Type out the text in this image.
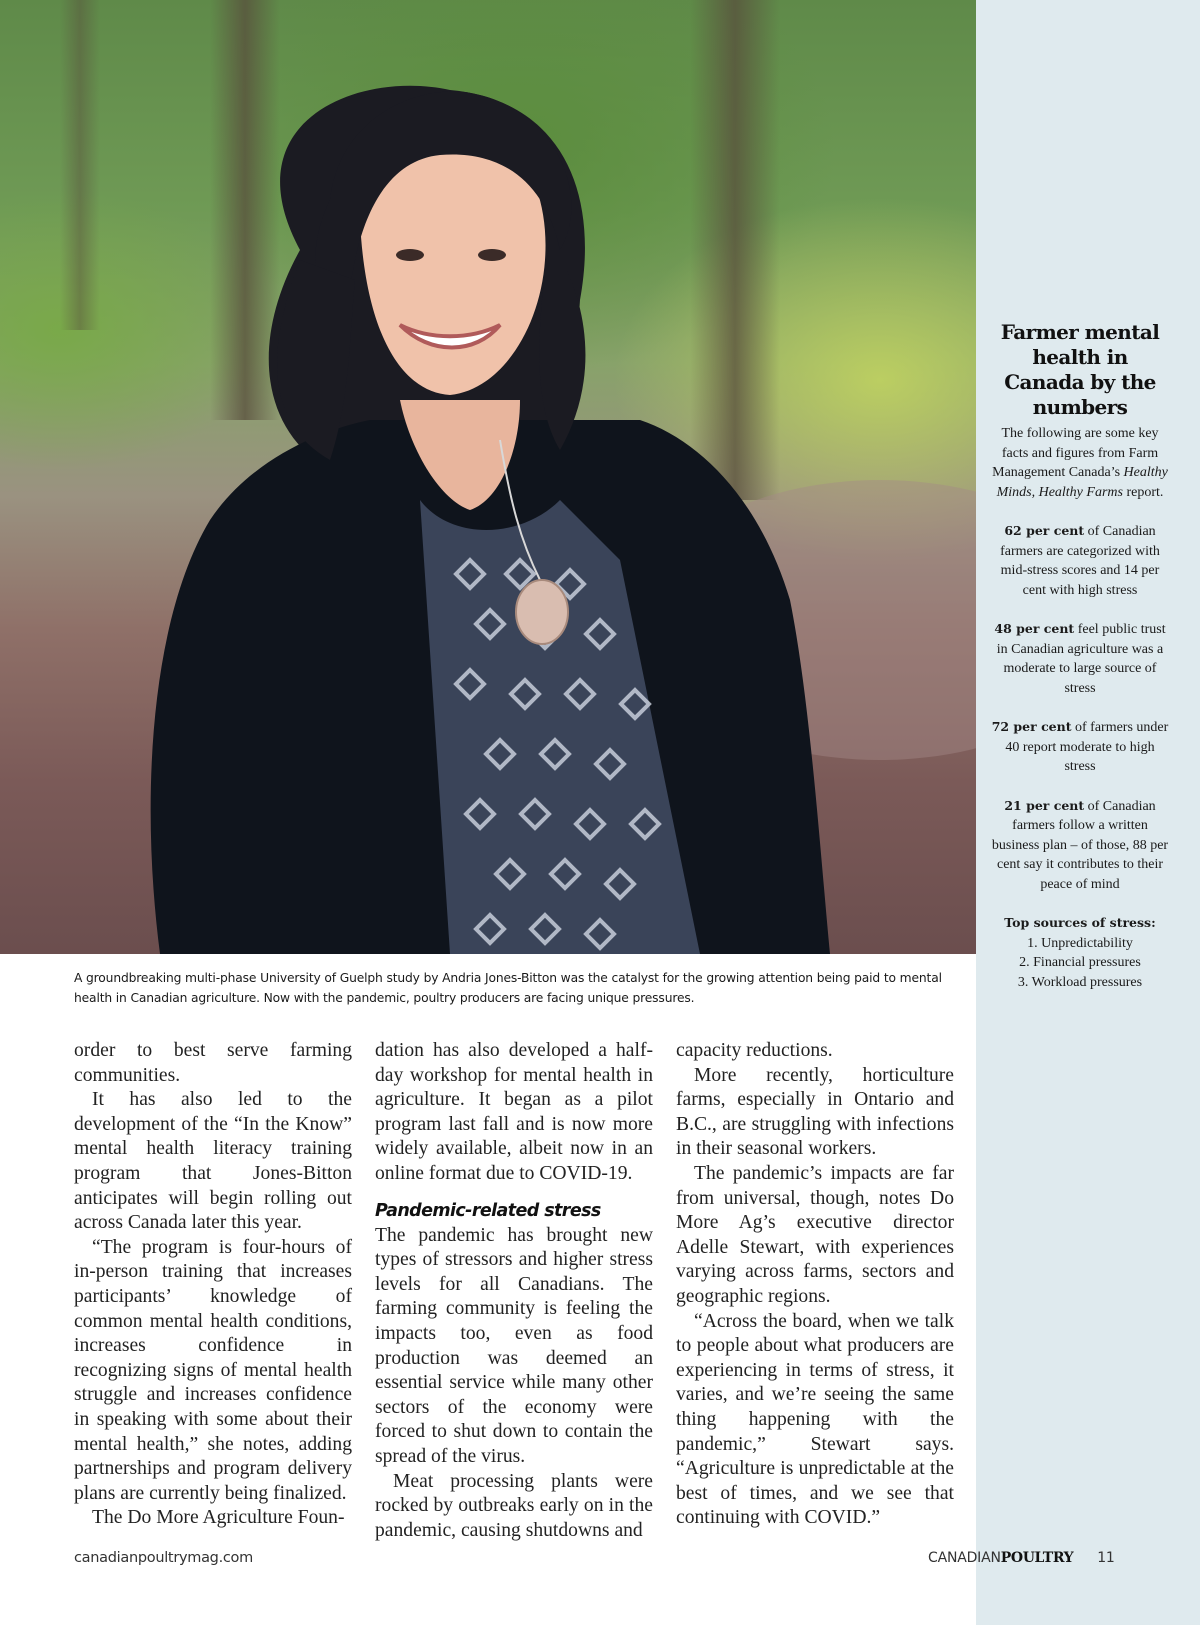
Farmer mental health in Canada by the numbers

The following are some key facts and figures from Farm Management Canada’s Healthy Minds, Healthy Farms report.

62 per cent of Canadian farmers are categorized with mid-stress scores and 14 per cent with high stress

48 per cent feel public trust in Canadian agriculture was a moderate to large source of stress

72 per cent of farmers under 40 report moderate to high stress

21 per cent of Canadian farmers follow a written business plan – of those, 88 per cent say it contributes to their peace of mind

Top sources of stress:

1. Unpredictability

2. Financial pressures

3. Workload pressures

A groundbreaking multi-phase University of Guelph study by Andria Jones-Bitton was the catalyst for the growing attention being paid to mental health in Canadian agriculture. Now with the pandemic, poultry producers are facing unique pressures.

order to best serve farming communities.

It has also led to the development of the “In the Know” mental health literacy training program that Jones-Bitton anticipates will begin rolling out across Canada later this year.

“The program is four-hours of in-person training that increases participants’ knowledge of common mental health conditions, increases confidence in recognizing signs of mental health struggle and increases confidence in speaking with some about their mental health,” she notes, adding partnerships and program delivery plans are currently being finalized.

The Do More Agriculture Foun-

dation has also developed a half-day workshop for mental health in agriculture. It began as a pilot program last fall and is now more widely available, albeit now in an online format due to COVID-19.

Pandemic-related stress

The pandemic has brought new types of stressors and higher stress levels for all Canadians. The farming community is feeling the impacts too, even as food production was deemed an essential service while many other sectors of the economy were forced to shut down to contain the spread of the virus.

Meat processing plants were rocked by outbreaks early on in the pandemic, causing shutdowns and

capacity reductions.

More recently, horticulture farms, especially in Ontario and B.C., are struggling with infections in their seasonal workers.

The pandemic’s impacts are far from universal, though, notes Do More Ag’s executive director Adelle Stewart, with experiences varying across farms, sectors and geographic regions.

“Across the board, when we talk to people about what producers are experiencing in terms of stress, it varies, and we’re seeing the same thing happening with the pandemic,” Stewart says. “Agriculture is unpredictable at the best of times, and we see that continuing with COVID.”

canadianpoultrymag.com	CANADIANPOULTRY 11
